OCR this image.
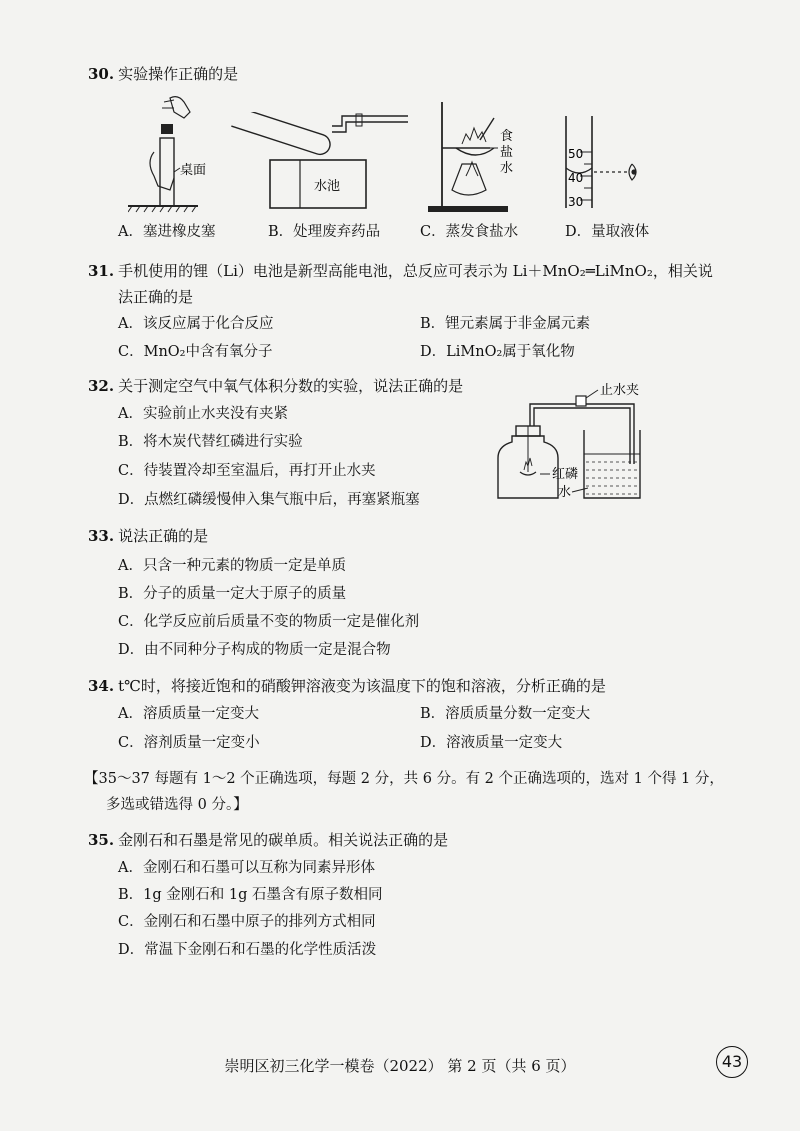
30. 实验操作正确的是
桌面
水池
食
盐
水
50
40
30
A．塞进橡皮塞	B．处理废弃药品	C．蒸发食盐水	D．量取液体
31. 手机使用的锂（Li）电池是新型高能电池，总反应可表示为 Li＋MnO₂═LiMnO₂，相关说
法正确的是
A．该反应属于化合反应	B．锂元素属于非金属元素
C．MnO₂中含有氧分子	D．LiMnO₂属于氧化物
32. 关于测定空气中氧气体积分数的实验，说法正确的是
A．实验前止水夹没有夹紧
B．将木炭代替红磷进行实验
C．待装置冷却至室温后，再打开止水夹
D．点燃红磷缓慢伸入集气瓶中后，再塞紧瓶塞
止水夹
红磷
水
33. 说法正确的是
A．只含一种元素的物质一定是单质
B．分子的质量一定大于原子的质量
C．化学反应前后质量不变的物质一定是催化剂
D．由不同种分子构成的物质一定是混合物
34. t℃时，将接近饱和的硝酸钾溶液变为该温度下的饱和溶液，分析正确的是
A．溶质质量一定变大	B．溶质质量分数一定变大
C．溶剂质量一定变小	D．溶液质量一定变大
【35～37 每题有 1～2 个正确选项，每题 2 分，共 6 分。有 2 个正确选项的，选对 1 个得 1 分，
多选或错选得 0 分。】
35. 金刚石和石墨是常见的碳单质。相关说法正确的是
A．金刚石和石墨可以互称为同素异形体
B．1g 金刚石和 1g 石墨含有原子数相同
C．金刚石和石墨中原子的排列方式相同
D．常温下金刚石和石墨的化学性质活泼
崇明区初三化学一模卷（2022） 第 2 页（共 6 页）	43
